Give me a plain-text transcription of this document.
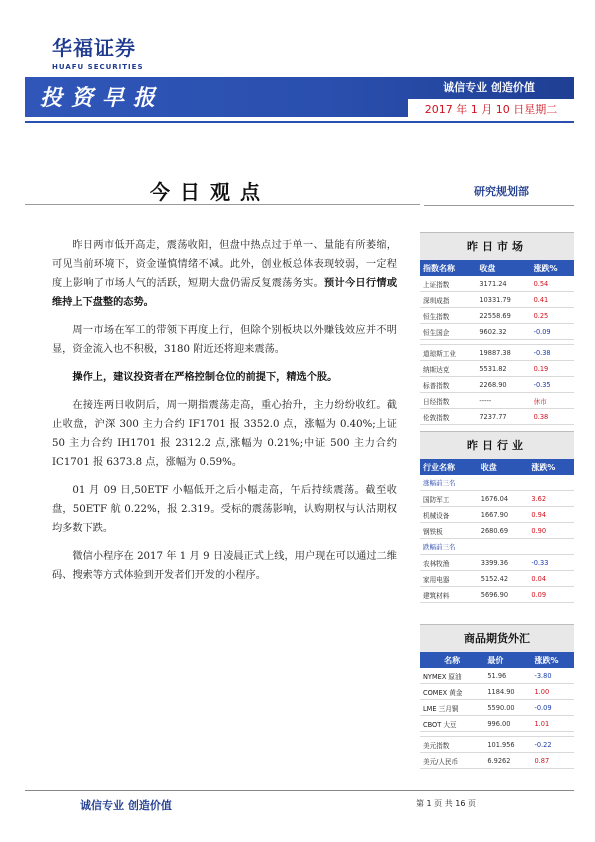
华福证券
HUAFU SECURITIES
投资早报	诚信专业 创造价值
2017 年 1 月 10 日星期二
今日观点	研究规划部

昨日两市低开高走，震荡收阳，但盘中热点过于单一、量能有所萎缩，可见当前环境下，资金谨慎情绪不减。此外，创业板总体表现较弱，一定程度上影响了市场人气的活跃，短期大盘仍需反复震荡务实。预计今日行情或维持上下盘整的态势。

周一市场在军工的带领下再度上行，但除个别板块以外赚钱效应并不明显，资金流入也不积极，3180 附近还将迎来震荡。

操作上，建议投资者在严格控制仓位的前提下，精选个股。

在接连两日收阴后，周一期指震荡走高，重心抬升，主力纷纷收红。截止收盘，沪深 300 主力合约 IF1701 报 3352.0 点，涨幅为 0.40%;上证 50 主力合约 IH1701 报 2312.2 点,涨幅为 0.21%;中证 500 主力合约 IC1701 报 6373.8 点，涨幅为 0.59%。

01 月 09 日,50ETF 小幅低开之后小幅走高，午后持续震荡。截至收盘，50ETF 航 0.22%，报 2.319。受标的震荡影响，认购期权与认沽期权均多数下跌。

微信小程序在 2017 年 1 月 9 日凌晨正式上线，用户现在可以通过二维码、搜索等方式体验到开发者们开发的小程序。

昨日市场
指数名称	收盘	涨跌%
上证指数	3171.24	0.54
深圳成指	10331.79	0.41
恒生指数	22558.69	0.25
恒生国企	9602.32	-0.09

道琼斯工业	19887.38	-0.38
纳斯达克	5531.82	0.19
标普指数	2268.90	-0.35
日经指数	-----	休市
伦敦指数	7237.77	0.38
昨日行业
行业名称	收盘	涨跌%
涨幅前三名		
国防军工	1676.04	3.62
机械设备	1667.90	0.94
钢铁板	2680.69	0.90
跌幅前三名		
农林牧渔	3399.36	-0.33
家用电器	5152.42	0.04
建筑材料	5696.90	0.09
商品期货外汇
名称	最价	涨跌%
NYMEX 原油	51.96	-3.80
COMEX 黄金	1184.90	1.00
LME 三月铜	5590.00	-0.09
CBOT 大豆	996.00	1.01

美元指数	101.956	-0.22
美元/人民币	6.9262	0.87
诚信专业 创造价值	第 1 页 共 16 页
